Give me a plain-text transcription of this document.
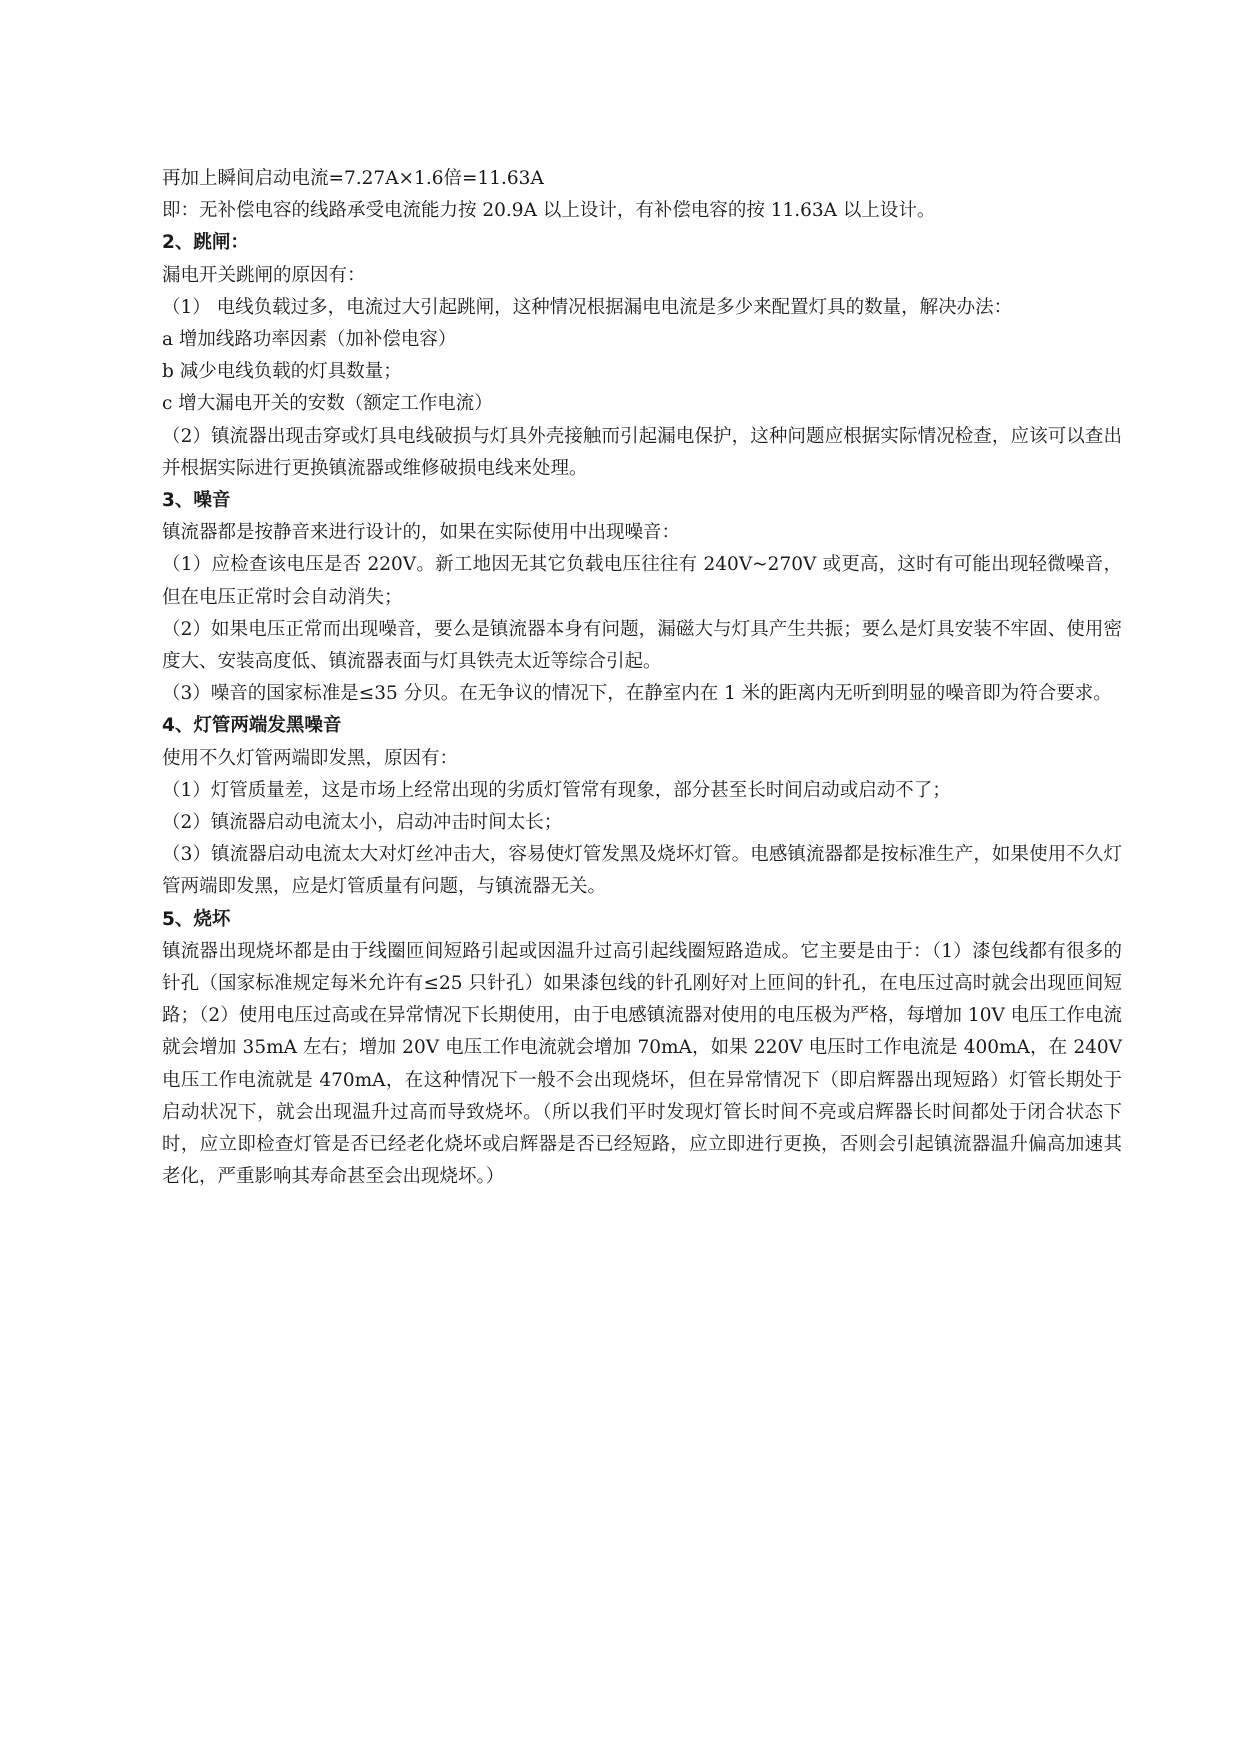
再加上瞬间启动电流=7.27A×1.6倍=11.63A

即：无补偿电容的线路承受电流能力按 20.9A 以上设计，有补偿电容的按 11.63A 以上设计。

2、跳闸：

漏电开关跳闸的原因有：

（1） 电线负载过多，电流过大引起跳闸，这种情况根据漏电电流是多少来配置灯具的数量，解决办法：

a 增加线路功率因素（加补偿电容）

b 减少电线负载的灯具数量；

c 增大漏电开关的安数（额定工作电流）

（2）镇流器出现击穿或灯具电线破损与灯具外壳接触而引起漏电保护，这种问题应根据实际情况检查，应该可以查出并根据实际进行更换镇流器或维修破损电线来处理。

3、噪音

镇流器都是按静音来进行设计的，如果在实际使用中出现噪音：

（1）应检查该电压是否 220V。新工地因无其它负载电压往往有 240V~270V 或更高，这时有可能出现轻微噪音，但在电压正常时会自动消失；

（2）如果电压正常而出现噪音，要么是镇流器本身有问题，漏磁大与灯具产生共振；要么是灯具安装不牢固、使用密度大、安装高度低、镇流器表面与灯具铁壳太近等综合引起。

（3）噪音的国家标准是≤35 分贝。在无争议的情况下，在静室内在 1 米的距离内无听到明显的噪音即为符合要求。

4、灯管两端发黑噪音

使用不久灯管两端即发黑，原因有：

（1）灯管质量差，这是市场上经常出现的劣质灯管常有现象，部分甚至长时间启动或启动不了；

（2）镇流器启动电流太小，启动冲击时间太长；

（3）镇流器启动电流太大对灯丝冲击大，容易使灯管发黑及烧坏灯管。电感镇流器都是按标准生产，如果使用不久灯管两端即发黑，应是灯管质量有问题，与镇流器无关。

5、烧坏

镇流器出现烧坏都是由于线圈匝间短路引起或因温升过高引起线圈短路造成。它主要是由于：（1）漆包线都有很多的针孔（国家标准规定每米允许有≤25 只针孔）如果漆包线的针孔刚好对上匝间的针孔，在电压过高时就会出现匝间短路；（2）使用电压过高或在异常情况下长期使用，由于电感镇流器对使用的电压极为严格，每增加 10V 电压工作电流就会增加 35mA 左右；增加 20V 电压工作电流就会增加 70mA，如果 220V 电压时工作电流是 400mA，在 240V 电压工作电流就是 470mA，在这种情况下一般不会出现烧坏，但在异常情况下（即启辉器出现短路）灯管长期处于启动状况下，就会出现温升过高而导致烧坏。（所以我们平时发现灯管长时间不亮或启辉器长时间都处于闭合状态下时，应立即检查灯管是否已经老化烧坏或启辉器是否已经短路，应立即进行更换，否则会引起镇流器温升偏高加速其老化，严重影响其寿命甚至会出现烧坏。）
